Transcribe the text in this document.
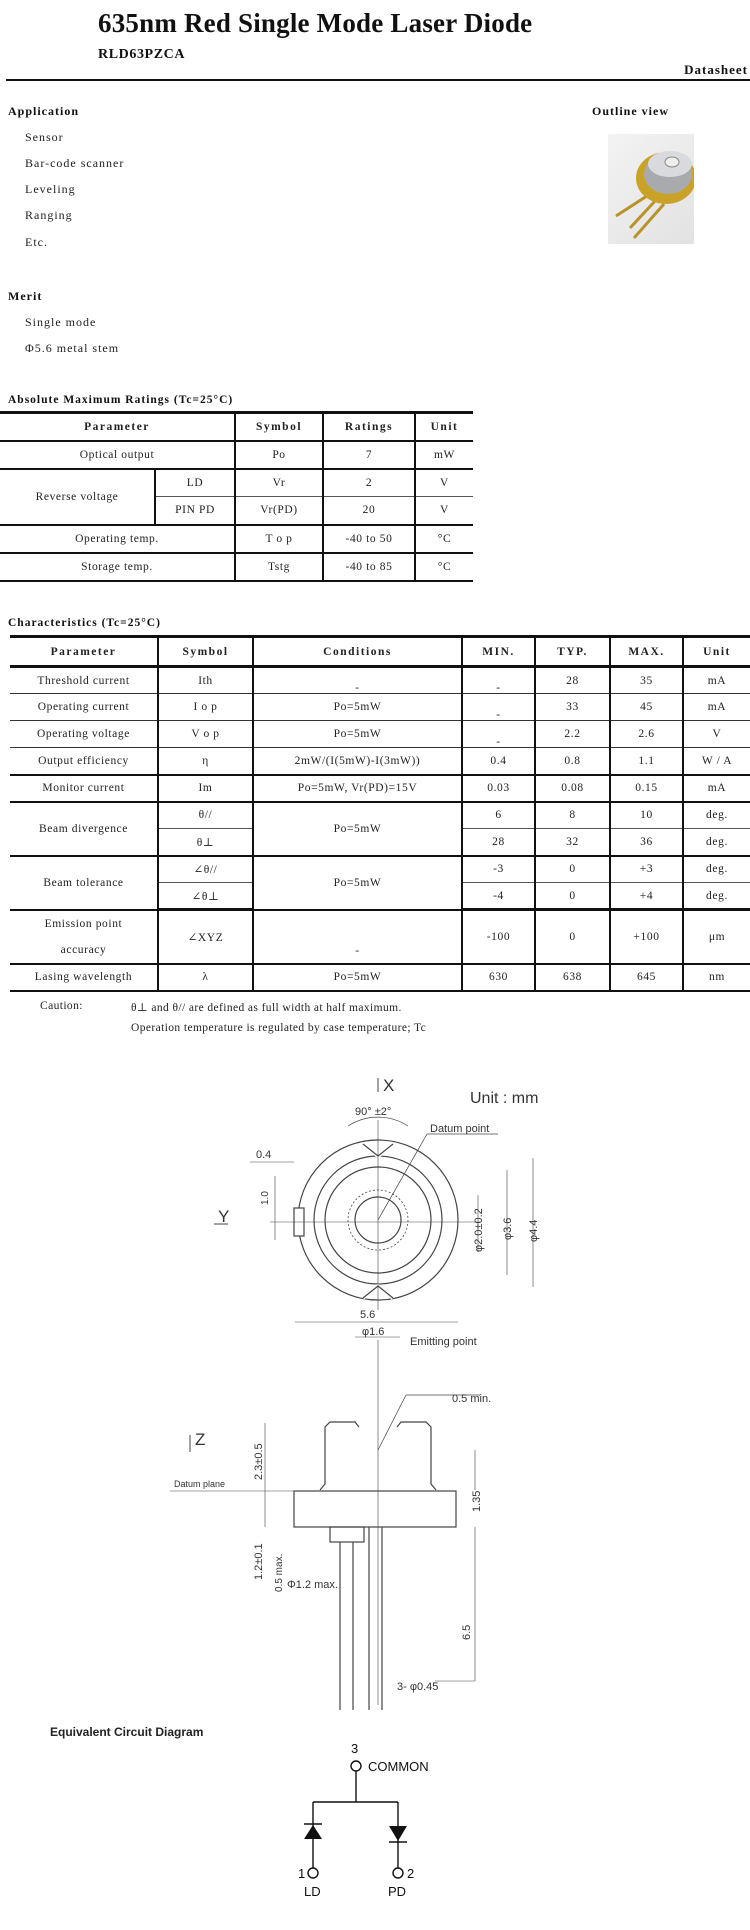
635nm Red Single Mode Laser Diode
RLD63PZCA
Datasheet
Application
Sensor
Bar-code scanner
Leveling
Ranging
Etc.
Merit
Single mode
Φ5.6 metal stem
Outline view
Absolute Maximum Ratings (Tc=25°C)
Parameter		Symbol	Ratings	Unit
Optical output		Po	7	mW
Reverse voltage	LD	Vr	2	V
	PIN PD	Vr(PD)	20	V
Operating temp.		T o p	-40 to 50	°C
Storage temp.		Tstg	-40 to 85	°C
Characteristics (Tc=25°C)
Parameter	Symbol	Conditions	MIN.	TYP.	MAX.	Unit
Threshold current	Ith	-	-	28	35	mA
Operating current	I o p	Po=5mW	-	33	45	mA
Operating voltage	V o p	Po=5mW	-	2.2	2.6	V
Output efficiency	η	2mW/(I(5mW)-I(3mW))	0.4	0.8	1.1	W / A
Monitor current	Im	Po=5mW, Vr(PD)=15V	0.03	0.08	0.15	mA
Beam divergence	θ//	Po=5mW	6	8	10	deg.
	θ⊥		28	32	36	deg.
Beam tolerance	∠θ//	Po=5mW	-3	0	+3	deg.
	∠θ⊥		-4	0	+4	deg.
Emission point accuracy	∠XYZ	-	-100	0	+100	μm
Lasing wavelength	λ	Po=5mW	630	638	645	nm
Caution:	θ⊥ and θ// are defined as full width at half maximum.
Operation temperature is regulated by case temperature; Tc
X
Unit : mm
90° ±2°
Datum point
0.4
Y
1.0
φ2.0±0.2 φ3.6 φ4.4
5.6
φ1.6
Emitting point
Z
0.5 min.
2.3±0.5
Datum plane
1.35
1.2±0.1 0.5 max. Φ1.2 max.
6.5
3- φ0.45
Equivalent Circuit Diagram
3
COMMON
1
LD
2
PD
